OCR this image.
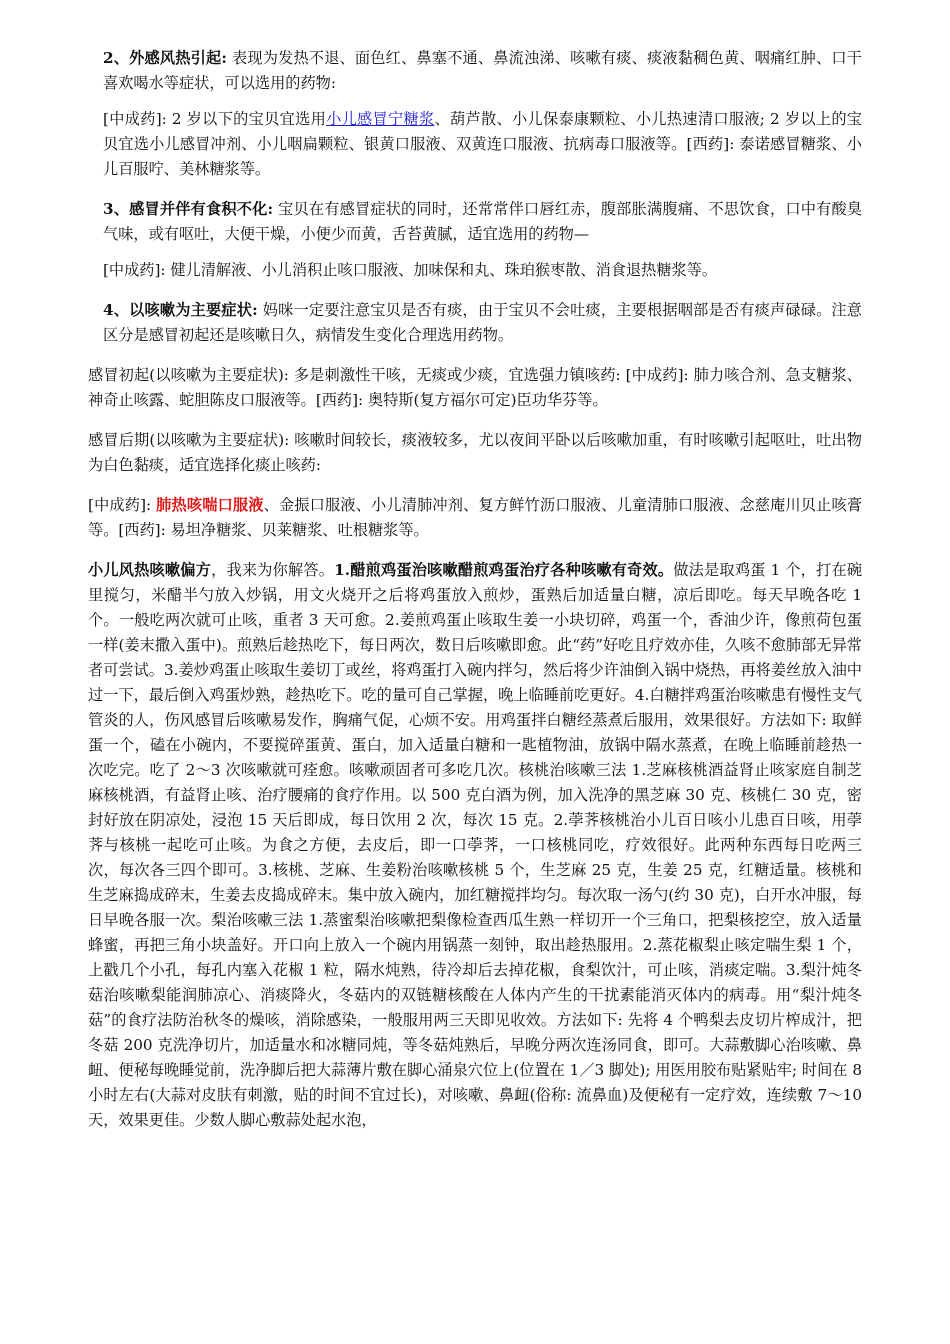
2、外感风热引起: 表现为发热不退、面色红、鼻塞不通、鼻流浊涕、咳嗽有痰、痰液黏稠色黄、咽痛红肿、口干喜欢喝水等症状，可以选用的药物:

[中成药]: 2 岁以下的宝贝宜选用小儿感冒宁糖浆、葫芦散、小儿保泰康颗粒、小儿热速清口服液; 2 岁以上的宝贝宜选小儿感冒冲剂、小儿咽扁颗粒、银黄口服液、双黄连口服液、抗病毒口服液等。[西药]: 泰诺感冒糖浆、小儿百服咛、美林糖浆等。

3、感冒并伴有食积不化: 宝贝在有感冒症状的同时，还常常伴口唇红赤，腹部胀满腹痛、不思饮食，口中有酸臭气味，或有呕吐，大便干燥，小便少而黄，舌苔黄腻，适宜选用的药物—

[中成药]: 健儿清解液、小儿消积止咳口服液、加味保和丸、珠珀猴枣散、消食退热糖浆等。

4、以咳嗽为主要症状: 妈咪一定要注意宝贝是否有痰，由于宝贝不会吐痰，主要根据咽部是否有痰声碌碌。注意区分是感冒初起还是咳嗽日久，病情发生变化合理选用药物。

感冒初起(以咳嗽为主要症状): 多是刺激性干咳，无痰或少痰，宜选强力镇咳药: [中成药]: 肺力咳合剂、急支糖浆、神奇止咳露、蛇胆陈皮口服液等。[西药]: 奥特斯(复方福尔可定)臣功华芬等。

感冒后期(以咳嗽为主要症状): 咳嗽时间较长，痰液较多，尤以夜间平卧以后咳嗽加重，有时咳嗽引起呕吐，吐出物为白色黏痰，适宜选择化痰止咳药:

[中成药]: 肺热咳喘口服液、金振口服液、小儿清肺冲剂、复方鲜竹沥口服液、儿童清肺口服液、念慈庵川贝止咳膏等。[西药]: 易坦净糖浆、贝莱糖浆、吐根糖浆等。

小儿风热咳嗽偏方，我来为你解答。1.醋煎鸡蛋治咳嗽醋煎鸡蛋治疗各种咳嗽有奇效。做法是取鸡蛋 1 个，打在碗里搅匀，米醋半勺放入炒锅，用文火烧开之后将鸡蛋放入煎炒，蛋熟后加适量白糖，凉后即吃。每天早晚各吃 1 个。一般吃两次就可止咳，重者 3 天可愈。2.姜煎鸡蛋止咳取生姜一小块切碎，鸡蛋一个，香油少许，像煎荷包蛋一样(姜末撒入蛋中)。煎熟后趁热吃下，每日两次，数日后咳嗽即愈。此“药”好吃且疗效亦佳，久咳不愈肺部无异常者可尝试。3.姜炒鸡蛋止咳取生姜切丁或丝，将鸡蛋打入碗内拌匀，然后将少许油倒入锅中烧热，再将姜丝放入油中过一下，最后倒入鸡蛋炒熟，趁热吃下。吃的量可自己掌握，晚上临睡前吃更好。4.白糖拌鸡蛋治咳嗽患有慢性支气管炎的人，伤风感冒后咳嗽易发作，胸痛气促，心烦不安。用鸡蛋拌白糖经蒸煮后服用，效果很好。方法如下: 取鲜蛋一个，磕在小碗内，不要搅碎蛋黄、蛋白，加入适量白糖和一匙植物油，放锅中隔水蒸煮，在晚上临睡前趁热一次吃完。吃了 2～3 次咳嗽就可痊愈。咳嗽顽固者可多吃几次。核桃治咳嗽三法 1.芝麻核桃酒益肾止咳家庭自制芝麻核桃酒，有益肾止咳、治疗腰痛的食疗作用。以 500 克白酒为例，加入洗净的黑芝麻 30 克、核桃仁 30 克，密封好放在阴凉处，浸泡 15 天后即成，每日饮用 2 次，每次 15 克。2.荸荠核桃治小儿百日咳小儿患百日咳，用荸荠与核桃一起吃可止咳。为食之方便，去皮后，即一口荸荠，一口核桃同吃，疗效很好。此两种东西每日吃两三次，每次各三四个即可。3.核桃、芝麻、生姜粉治咳嗽核桃 5 个，生芝麻 25 克，生姜 25 克，红糖适量。核桃和生芝麻捣成碎末，生姜去皮捣成碎末。集中放入碗内，加红糖搅拌均匀。每次取一汤勺(约 30 克)，白开水冲服，每日早晚各服一次。梨治咳嗽三法 1.蒸蜜梨治咳嗽把梨像检查西瓜生熟一样切开一个三角口，把梨核挖空，放入适量蜂蜜，再把三角小块盖好。开口向上放入一个碗内用锅蒸一刻钟，取出趁热服用。2.蒸花椒梨止咳定喘生梨 1 个，上戳几个小孔，每孔内塞入花椒 1 粒，隔水炖熟，待冷却后去掉花椒，食梨饮汁，可止咳，消痰定喘。3.梨汁炖冬菇治咳嗽梨能润肺凉心、消痰降火，冬菇内的双链糖核酸在人体内产生的干扰素能消灭体内的病毒。用“梨汁炖冬菇”的食疗法防治秋冬的燥咳，消除感染，一般服用两三天即见收效。方法如下: 先将 4 个鸭梨去皮切片榨成汁，把冬菇 200 克洗净切片，加适量水和冰糖同炖，等冬菇炖熟后，早晚分两次连汤同食，即可。大蒜敷脚心治咳嗽、鼻衄、便秘每晚睡觉前，洗净脚后把大蒜薄片敷在脚心涌泉穴位上(位置在 1／3 脚处); 用医用胶布贴紧贴牢; 时间在 8 小时左右(大蒜对皮肤有刺激，贴的时间不宜过长)，对咳嗽、鼻衄(俗称: 流鼻血)及便秘有一定疗效，连续敷 7～10 天，效果更佳。少数人脚心敷蒜处起水泡，
